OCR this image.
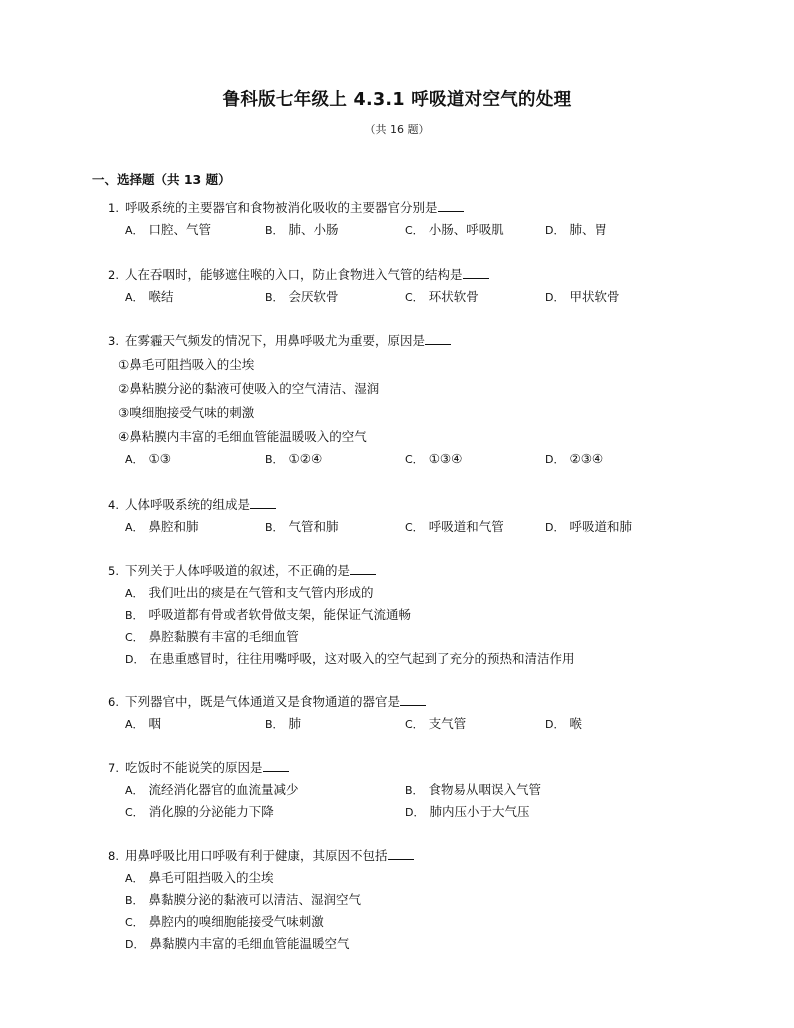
鲁科版七年级上 4.3.1 呼吸道对空气的处理
（共 16 题）
一、选择题（共 13 题）
1. 呼吸系统的主要器官和食物被消化吸收的主要器官分别是
A． 口腔、气管	B． 肺、小肠	C． 小肠、呼吸肌	D． 肺、胃
2. 人在吞咽时，能够遮住喉的入口，防止食物进入气管的结构是
A． 喉结	B． 会厌软骨	C． 环状软骨	D． 甲状软骨
3. 在雾霾天气频发的情况下，用鼻呼吸尤为重要，原因是
①鼻毛可阻挡吸入的尘埃
②鼻粘膜分泌的黏液可使吸入的空气清洁、湿润
③嗅细胞接受气味的刺激
④鼻粘膜内丰富的毛细血管能温暖吸入的空气
A． ①③	B． ①②④	C． ①③④	D． ②③④
4. 人体呼吸系统的组成是
A． 鼻腔和肺	B． 气管和肺	C． 呼吸道和气管	D． 呼吸道和肺
5. 下列关于人体呼吸道的叙述，不正确的是
A． 我们吐出的痰是在气管和支气管内形成的
B． 呼吸道都有骨或者软骨做支架，能保证气流通畅
C． 鼻腔黏膜有丰富的毛细血管
D． 在患重感冒时，往往用嘴呼吸，这对吸入的空气起到了充分的预热和清洁作用
6. 下列器官中，既是气体通道又是食物通道的器官是
A． 咽	B． 肺	C． 支气管	D． 喉
7. 吃饭时不能说笑的原因是
A． 流经消化器官的血流量减少	B． 食物易从咽误入气管
C． 消化腺的分泌能力下降	D． 肺内压小于大气压
8. 用鼻呼吸比用口呼吸有利于健康，其原因不包括
A． 鼻毛可阻挡吸入的尘埃
B． 鼻黏膜分泌的黏液可以清洁、湿润空气
C． 鼻腔内的嗅细胞能接受气味刺激
D． 鼻黏膜内丰富的毛细血管能温暖空气
